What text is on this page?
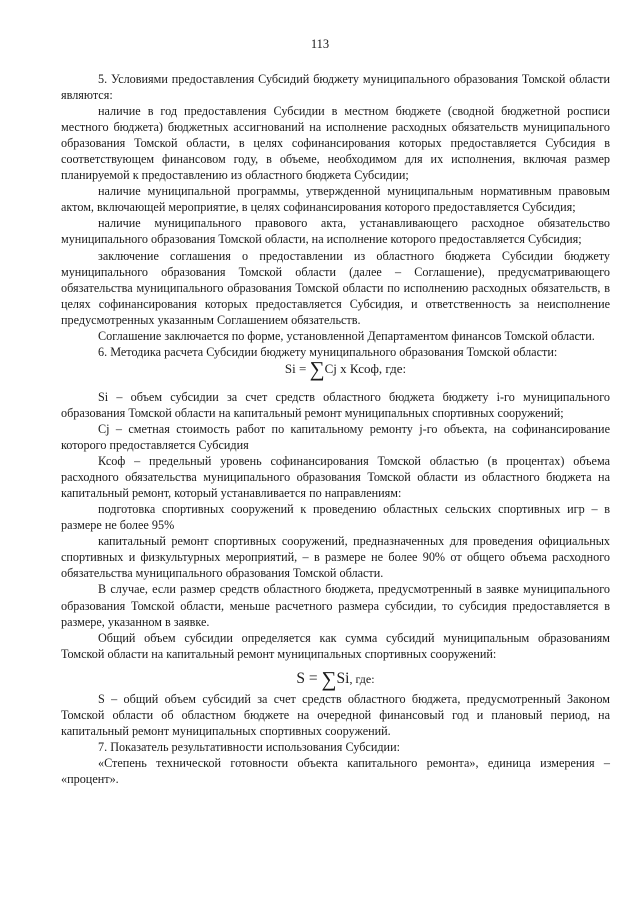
113

5. Условиями предоставления Субсидий бюджету муниципального образования Томской области являются:

наличие в год предоставления Субсидии в местном бюджете (сводной бюджетной росписи местного бюджета) бюджетных ассигнований на исполнение расходных обязательств муниципального образования Томской области, в целях софинансирования которых предоставляется Субсидия в соответствующем финансовом году, в объеме, необходимом для их исполнения, включая размер планируемой к предоставлению из областного бюджета Субсидии;

наличие муниципальной программы, утвержденной муниципальным нормативным правовым актом, включающей мероприятие, в целях софинансирования которого предоставляется Субсидия;

наличие муниципального правового акта, устанавливающего расходное обязательство муниципального образования Томской области, на исполнение которого предоставляется Субсидия;

заключение соглашения о предоставлении из областного бюджета Субсидии бюджету муниципального образования Томской области (далее – Соглашение), предусматривающего обязательства муниципального образования Томской области по исполнению расходных обязательств, в целях софинансирования которых предоставляется Субсидия, и ответственность за неисполнение предусмотренных указанным Соглашением обязательств.

Соглашение заключается по форме, установленной Департаментом финансов Томской области.

6. Методика расчета Субсидии бюджету муниципального образования Томской области:

Si = ∑Cj x Ксоф, где:

Si – объем субсидии за счет средств областного бюджета бюджету i-го муниципального образования Томской области на капитальный ремонт муниципальных спортивных сооружений;

Cj – сметная стоимость работ по капитальному ремонту j-го объекта, на софинансирование которого предоставляется Субсидия

Ксоф – предельный уровень софинансирования Томской областью (в процентах) объема расходного обязательства муниципального образования Томской области из областного бюджета на капитальный ремонт, который устанавливается по направлениям:

подготовка спортивных сооружений к проведению областных сельских спортивных игр – в размере не более 95%

капитальный ремонт спортивных сооружений, предназначенных для проведения официальных спортивных и физкультурных мероприятий, – в размере не более 90% от общего объема расходного обязательства муниципального образования Томской области.

В случае, если размер средств областного бюджета, предусмотренный в заявке муниципального образования Томской области, меньше расчетного размера субсидии, то субсидия предоставляется в размере, указанном в заявке.

Общий объем субсидии определяется как сумма субсидий муниципальным образованиям Томской области на капитальный ремонт муниципальных спортивных сооружений:

S = ∑Si, где:

S – общий объем субсидий за счет средств областного бюджета, предусмотренный Законом Томской области об областном бюджете на очередной финансовый год и плановый период, на капитальный ремонт муниципальных спортивных сооружений.

7. Показатель результативности использования Субсидии:

«Степень технической готовности объекта капитального ремонта», единица измерения – «процент».
